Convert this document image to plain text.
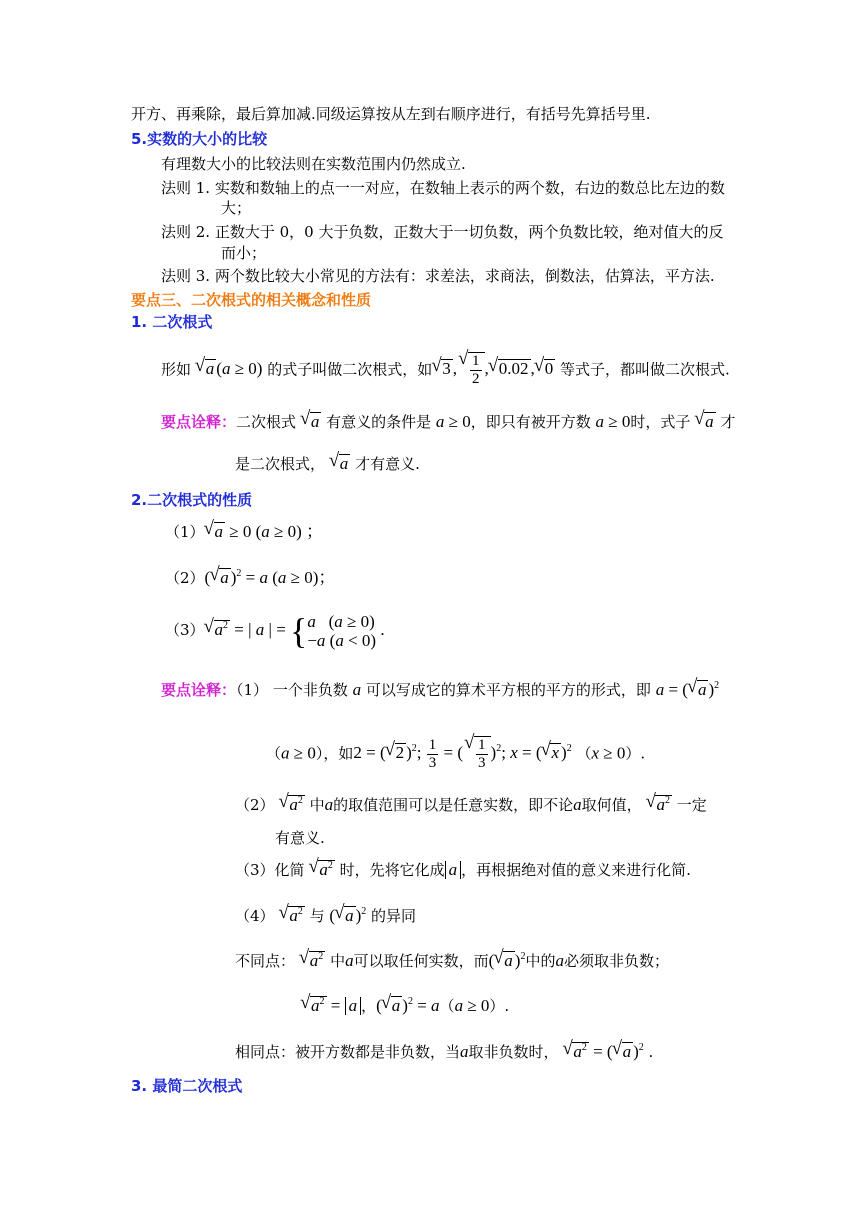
开方、再乘除，最后算加减.同级运算按从左到右顺序进行，有括号先算括号里.
5.实数的大小的比较
有理数大小的比较法则在实数范围内仍然成立.
法则 1. 实数和数轴上的点一一对应，在数轴上表示的两个数，右边的数总比左边的数
大；
法则 2. 正数大于 0，0 大于负数，正数大于一切负数，两个负数比较，绝对值大的反
而小；
法则 3. 两个数比较大小常见的方法有：求差法，求商法，倒数法，估算法，平方法.
要点三、二次根式的相关概念和性质
1. 二次根式
形如 √ a (a ≥ 0) 的式子叫做二次根式，如 √ 3 , √ $\frac{1}{2}$ , √ 0.02 , √ 0 等式子，都叫做二次根式.
要点诠释：二次根式 √ a 有意义的条件是 a ≥ 0，即只有被开方数 a ≥ 0时，式子 √ a 才
是二次根式， √ a 才有意义.
2.二次根式的性质
（1） √ a ≥ 0 (a ≥ 0) ；
（2）( √ a )$^2$ = a (a ≥ 0)；
（3） √ $a^2$ = | a | = { a   (a ≥ 0)
−a (a < 0)
.
要点诠释：（1） 一个非负数 a 可以写成它的算术平方根的平方的形式，即 a = ( √ a )$^2$
（a ≥ 0），如2 = ( √ 2 )$^2$; $\frac{1}{3}$ = ( √ $\frac{1}{3} )^2$; x = ( √ x )$^2$ （x ≥ 0）.
（2） √ $a^2$ 中a的取值范围可以是任意实数，即不论a取何值， √ $a^2$ 一定
有意义.
（3）化简 √ $a^2$ 时，先将它化成 a ，再根据绝对值的意义来进行化简.
（4） √ $a^2$ 与 ( √ a )$^2$ 的异同
不同点： √ $a^2$ 中a可以取任何实数，而( √ a )$^2$中的a必须取非负数；
√ $a^2 = a$ ，( √ a )$^2$ = a（a ≥ 0）.
相同点：被开方数都是非负数，当a取非负数时， √ $a^2$ = ( √ a )$^2$ .
3. 最简二次根式
